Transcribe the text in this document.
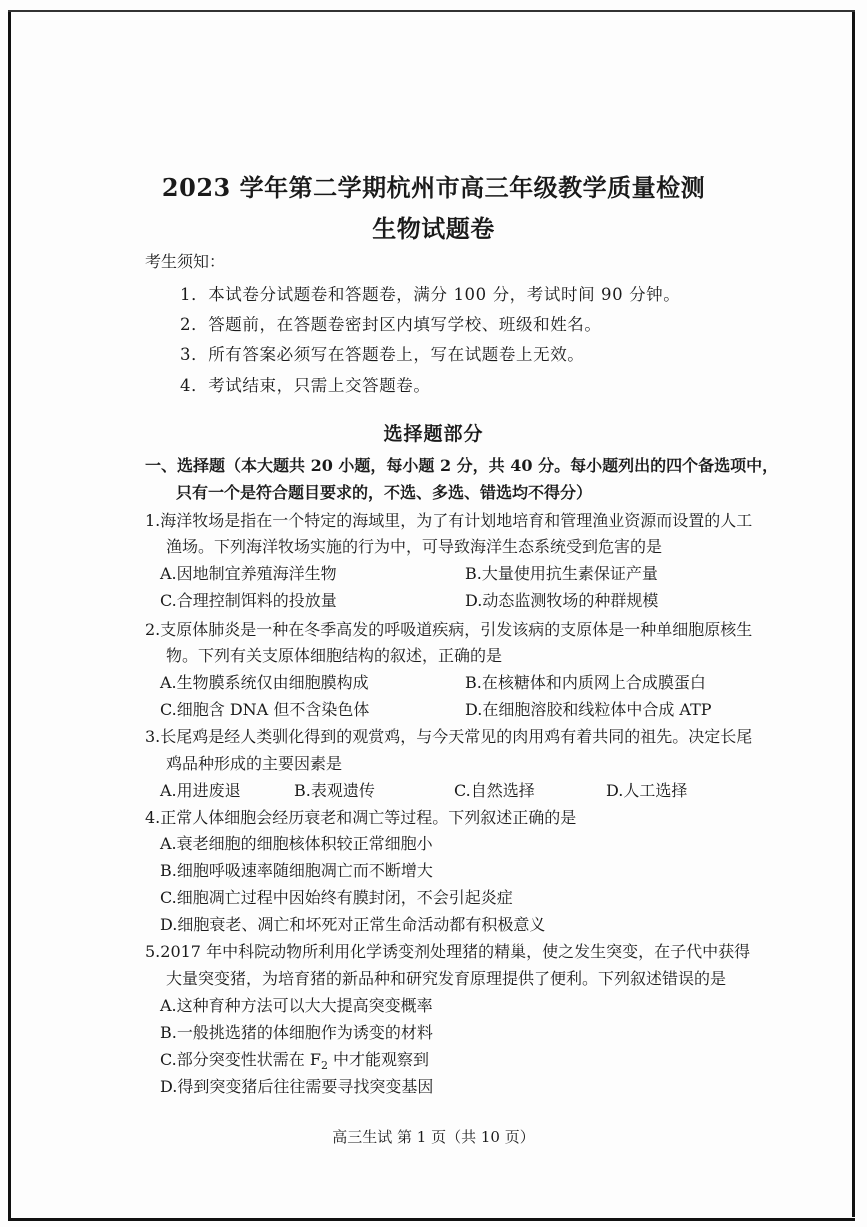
2023 学年第二学期杭州市高三年级教学质量检测
生物试题卷
考生须知：
1．本试卷分试题卷和答题卷，满分 100 分，考试时间 90 分钟。
2．答题前，在答题卷密封区内填写学校、班级和姓名。
3．所有答案必须写在答题卷上，写在试题卷上无效。
4．考试结束，只需上交答题卷。
选择题部分
一、选择题（本大题共 20 小题，每小题 2 分，共 40 分。每小题列出的四个备选项中，
只有一个是符合题目要求的，不选、多选、错选均不得分）
1.海洋牧场是指在一个特定的海域里，为了有计划地培育和管理渔业资源而设置的人工
渔场。下列海洋牧场实施的行为中，可导致海洋生态系统受到危害的是
A.因地制宜养殖海洋生物	B.大量使用抗生素保证产量
C.合理控制饵料的投放量	D.动态监测牧场的种群规模
2.支原体肺炎是一种在冬季高发的呼吸道疾病，引发该病的支原体是一种单细胞原核生
物。下列有关支原体细胞结构的叙述，正确的是
A.生物膜系统仅由细胞膜构成	B.在核糖体和内质网上合成膜蛋白
C.细胞含 DNA 但不含染色体	D.在细胞溶胶和线粒体中合成 ATP
3.长尾鸡是经人类驯化得到的观赏鸡，与今天常见的肉用鸡有着共同的祖先。决定长尾
鸡品种形成的主要因素是
A.用进废退	B.表观遗传	C.自然选择	D.人工选择
4.正常人体细胞会经历衰老和凋亡等过程。下列叙述正确的是
A.衰老细胞的细胞核体积较正常细胞小
B.细胞呼吸速率随细胞凋亡而不断增大
C.细胞凋亡过程中因始终有膜封闭，不会引起炎症
D.细胞衰老、凋亡和坏死对正常生命活动都有积极意义
5.2017 年中科院动物所利用化学诱变剂处理猪的精巢，使之发生突变，在子代中获得
大量突变猪，为培育猪的新品种和研究发育原理提供了便利。下列叙述错误的是
A.这种育种方法可以大大提高突变概率
B.一般挑选猪的体细胞作为诱变的材料
C.部分突变性状需在 $F_2$ 中才能观察到
D.得到突变猪后往往需要寻找突变基因
高三生试 第 1 页（共 10 页）
